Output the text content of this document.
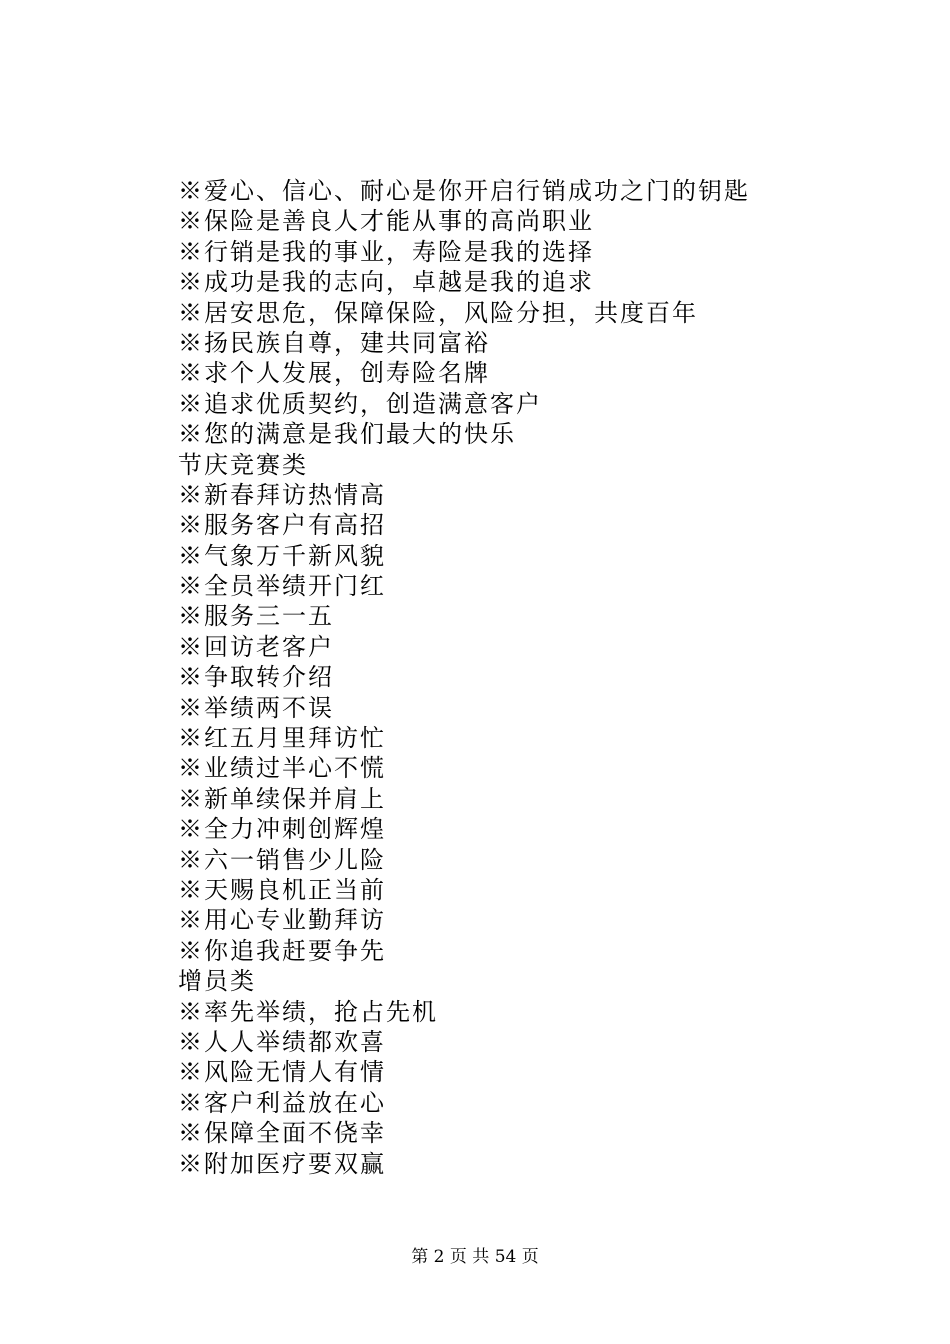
※爱心、信心、耐心是你开启行销成功之门的钥匙
※保险是善良人才能从事的高尚职业
※行销是我的事业，寿险是我的选择
※成功是我的志向，卓越是我的追求
※居安思危，保障保险，风险分担，共度百年
※扬民族自尊，建共同富裕
※求个人发展，创寿险名牌
※追求优质契约，创造满意客户
※您的满意是我们最大的快乐
节庆竞赛类
※新春拜访热情高
※服务客户有高招
※气象万千新风貌
※全员举绩开门红
※服务三一五
※回访老客户
※争取转介绍
※举绩两不误
※红五月里拜访忙
※业绩过半心不慌
※新单续保并肩上
※全力冲刺创辉煌
※六一销售少儿险
※天赐良机正当前
※用心专业勤拜访
※你追我赶要争先
增员类
※率先举绩，抢占先机
※人人举绩都欢喜
※风险无情人有情
※客户利益放在心
※保障全面不侥幸
※附加医疗要双赢
第 2 页 共 54 页
